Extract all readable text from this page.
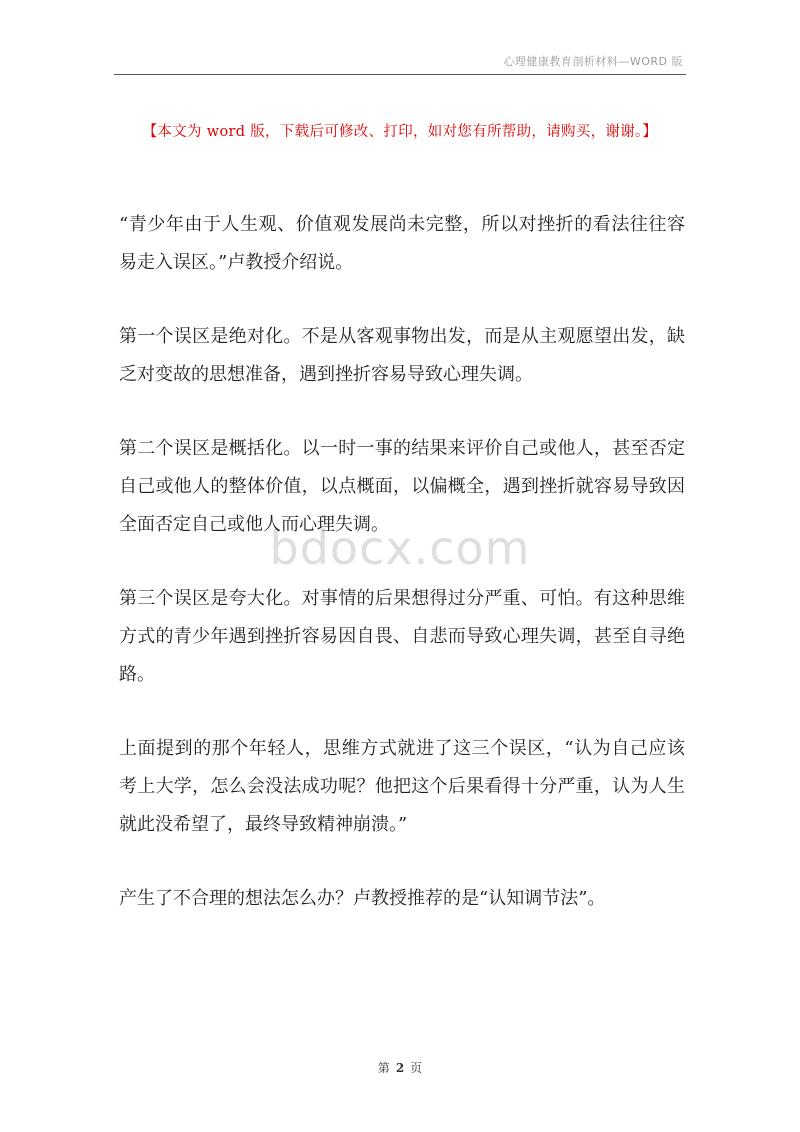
心理健康教育剖析材料—WORD 版
【本文为 word 版，下载后可修改、打印，如对您有所帮助，请购买，谢谢。】
bdocx.com

“青少年由于人生观、价值观发展尚未完整，所以对挫折的看法往往容易走入误区。”卢教授介绍说。

第一个误区是绝对化。不是从客观事物出发，而是从主观愿望出发，缺乏对变故的思想准备，遇到挫折容易导致心理失调。

第二个误区是概括化。以一时一事的结果来评价自己或他人，甚至否定自己或他人的整体价值，以点概面，以偏概全，遇到挫折就容易导致因全面否定自己或他人而心理失调。

第三个误区是夸大化。对事情的后果想得过分严重、可怕。有这种思维方式的青少年遇到挫折容易因自畏、自悲而导致心理失调，甚至自寻绝路。

上面提到的那个年轻人，思维方式就进了这三个误区，“认为自己应该考上大学，怎么会没法成功呢？他把这个后果看得十分严重，认为人生就此没希望了，最终导致精神崩溃。”

产生了不合理的想法怎么办？卢教授推荐的是“认知调节法”。

第 2 页
